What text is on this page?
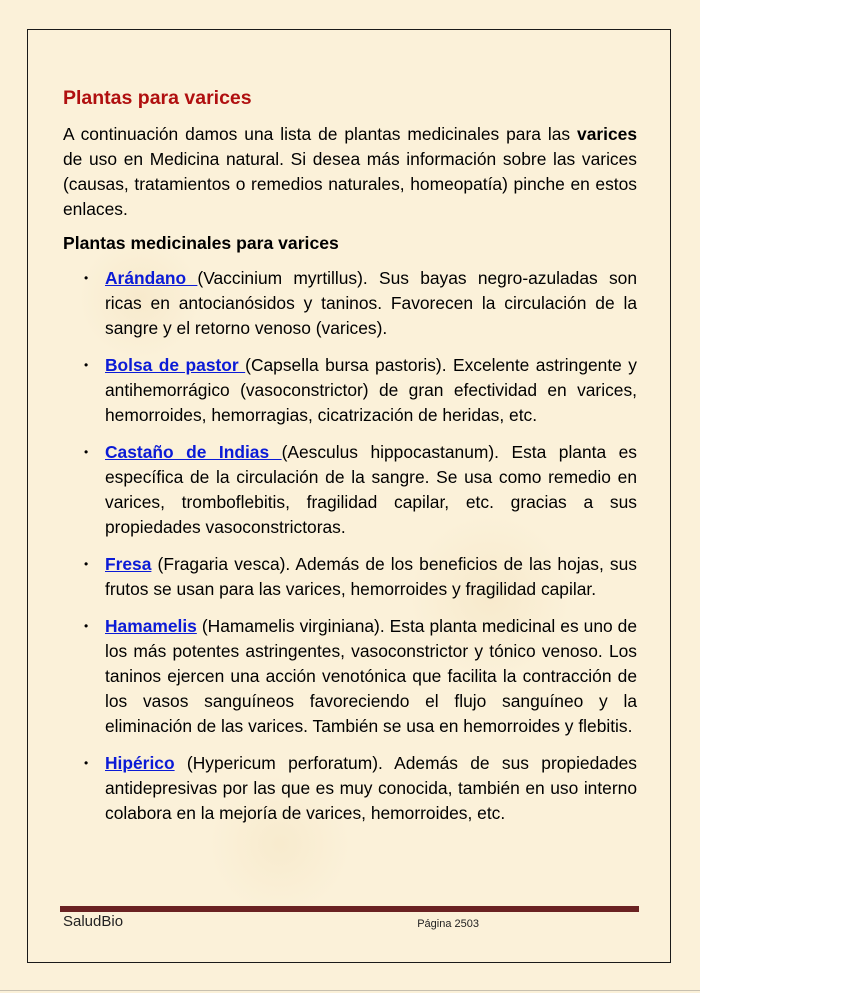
Plantas para varices

A continuación damos una lista de plantas medicinales para las varices de uso en Medicina natural. Si desea más información sobre las varices (causas, tratamientos o remedios naturales, homeopatía) pinche en estos enlaces.

Plantas medicinales para varices
• Arándano (Vaccinium myrtillus). Sus bayas negro-azuladas son ricas en antocianósidos y taninos. Favorecen la circulación de la sangre y el retorno venoso (varices).
• Bolsa de pastor (Capsella bursa pastoris). Excelente astringente y antihemorrágico (vasoconstrictor) de gran efectividad en varices, hemorroides, hemorragias, cicatrización de heridas, etc.
• Castaño de Indias (Aesculus hippocastanum). Esta planta es específica de la circulación de la sangre. Se usa como remedio en varices, tromboflebitis, fragilidad capilar, etc. gracias a sus propiedades vasoconstrictoras.
• Fresa (Fragaria vesca). Además de los beneficios de las hojas, sus frutos se usan para las varices, hemorroides y fragilidad capilar.
• Hamamelis (Hamamelis virginiana). Esta planta medicinal es uno de los más potentes astringentes, vasoconstrictor y tónico venoso. Los taninos ejercen una acción venotónica que facilita la contracción de los vasos sanguíneos favoreciendo el flujo sanguíneo y la eliminación de las varices. También se usa en hemorroides y flebitis.
• Hipérico (Hypericum perforatum). Además de sus propiedades antidepresivas por las que es muy conocida, también en uso interno colabora en la mejoría de varices, hemorroides, etc.
SaludBio	Página 2503
